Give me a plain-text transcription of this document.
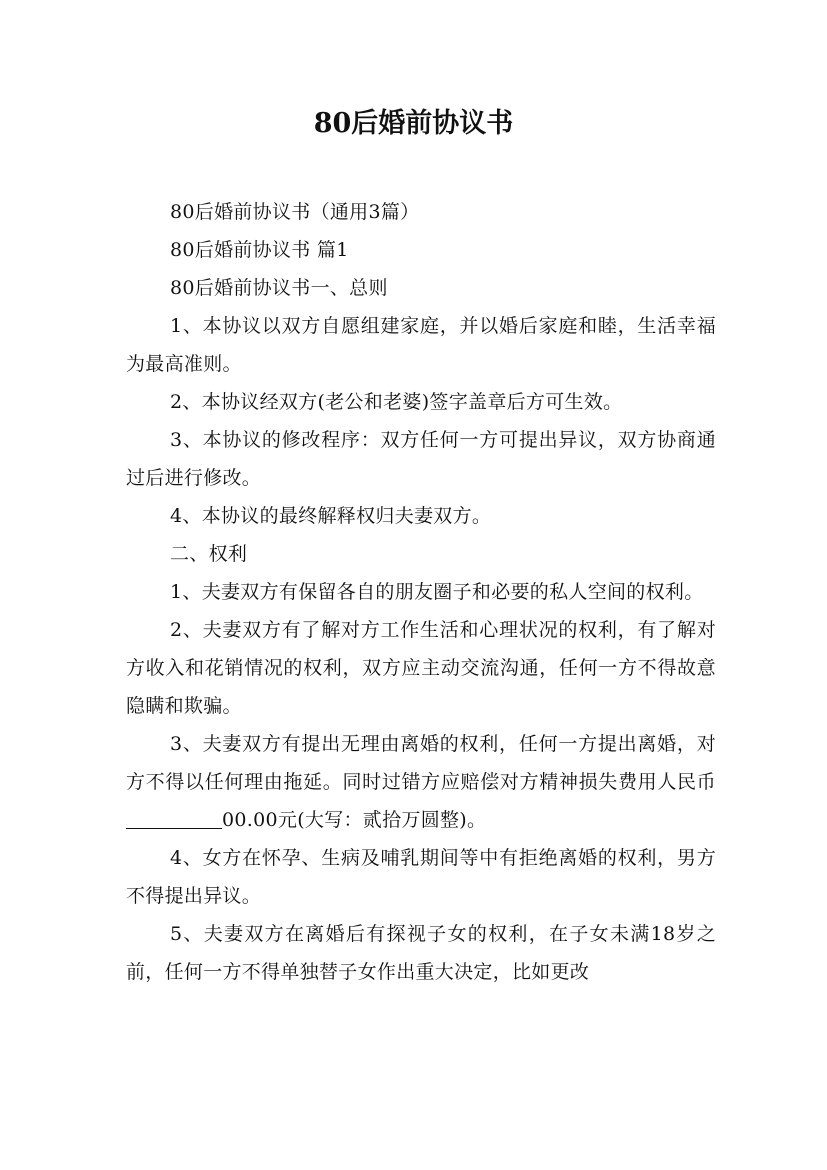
80后婚前协议书
80后婚前协议书（通用3篇）
80后婚前协议书 篇1
80后婚前协议书一、总则
1、本协议以双方自愿组建家庭，并以婚后家庭和睦，生活幸福为最高准则。
2、本协议经双方(老公和老婆)签字盖章后方可生效。
3、本协议的修改程序：双方任何一方可提出异议，双方协商通过后进行修改。
4、本协议的最终解释权归夫妻双方。
二、权利
1、夫妻双方有保留各自的朋友圈子和必要的私人空间的权利。
2、夫妻双方有了解对方工作生活和心理状况的权利，有了解对方收入和花销情况的权利，双方应主动交流沟通，任何一方不得故意隐瞒和欺骗。
3、夫妻双方有提出无理由离婚的权利，任何一方提出离婚，对方不得以任何理由拖延。同时过错方应赔偿对方精神损失费用人民币00.00元(大写：贰拾万圆整)。
4、女方在怀孕、生病及哺乳期间等中有拒绝离婚的权利，男方不得提出异议。
5、夫妻双方在离婚后有探视子女的权利，在子女未满18岁之前，任何一方不得单独替子女作出重大决定，比如更改
